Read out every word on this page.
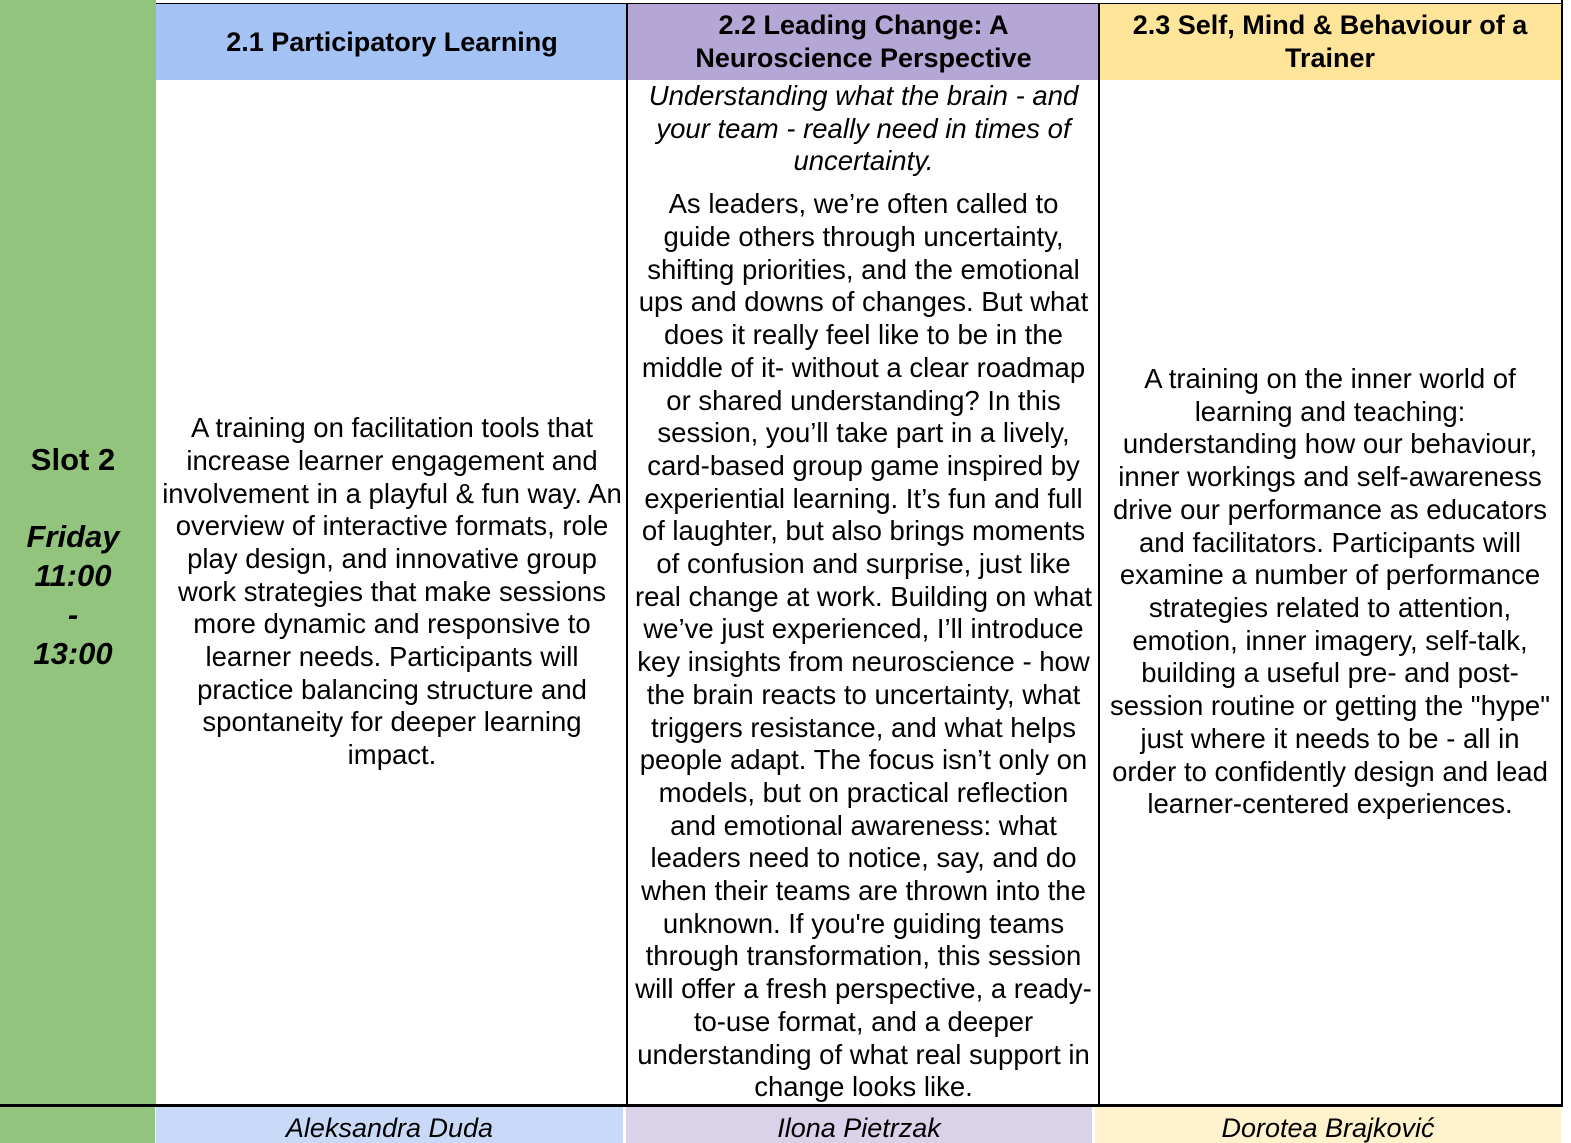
Slot 2
Friday
11:00
-
13:00
2.1 Participatory Learning
2.2 Leading Change: A Neuroscience Perspective
2.3 Self, Mind & Behaviour of a Trainer
A training on facilitation tools that increase learner engagement and involvement in a playful & fun way. An overview of interactive formats, role play design, and innovative group work strategies that make sessions more dynamic and responsive to learner needs. Participants will practice balancing structure and spontaneity for deeper learning impact.
Understanding what the brain - and your team - really need in times of uncertainty.
As leaders, we’re often called to guide others through uncertainty, shifting priorities, and the emotional ups and downs of changes. But what does it really feel like to be in the middle of it- without a clear roadmap or shared understanding? In this session, you’ll take part in a lively, card-based group game inspired by experiential learning. It’s fun and full of laughter, but also brings moments of confusion and surprise, just like real change at work. Building on what we’ve just experienced, I’ll introduce key insights from neuroscience - how the brain reacts to uncertainty, what triggers resistance, and what helps people adapt. The focus isn’t only on models, but on practical reflection and emotional awareness: what leaders need to notice, say, and do when their teams are thrown into the unknown. If you're guiding teams through transformation, this session will offer a fresh perspective, a ready-to-use format, and a deeper understanding of what real support in change looks like.
A training on the inner world of learning and teaching: understanding how our behaviour, inner workings and self-awareness drive our performance as educators and facilitators. Participants will examine a number of performance strategies related to attention, emotion, inner imagery, self-talk, building a useful pre- and post-session routine or getting the "hype" just where it needs to be - all in order to confidently design and lead learner-centered experiences.
Aleksandra Duda	Ilona Pietrzak	Dorotea Brajković
